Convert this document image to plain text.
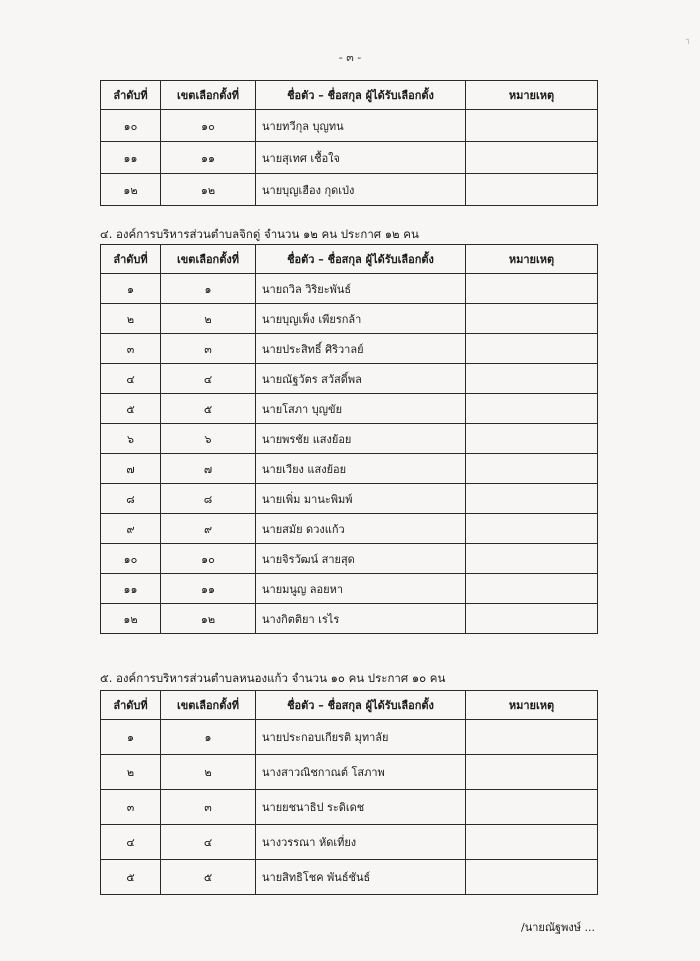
- ๓ -
┐
ลำดับที่	เขตเลือกตั้งที่	ชื่อตัว – ชื่อสกุล ผู้ได้รับเลือกตั้ง	หมายเหตุ
๑๐	๑๐	นายทวีกุล บุญทน	
๑๑	๑๑	นายสุเทศ เชื้อใจ	
๑๒	๑๒	นายบุญเฮือง กุดเป่ง	
๔. องค์การบริหารส่วนตำบลจิกดู่ จำนวน ๑๒ คน ประกาศ ๑๒ คน
ลำดับที่	เขตเลือกตั้งที่	ชื่อตัว – ชื่อสกุล ผู้ได้รับเลือกตั้ง	หมายเหตุ
๑	๑	นายถวิล วิริยะพันธ์	
๒	๒	นายบุญเพ็ง เพียรกล้า	
๓	๓	นายประสิทธิ์ ศิริวาลย์	
๔	๔	นายณัฐวัตร สวัสดิ์พล	
๕	๕	นายโสภา บุญขัย	
๖	๖	นายพรชัย แสงย้อย	
๗	๗	นายเวียง แสงย้อย	
๘	๘	นายเพิ่ม มานะพิมพ์	
๙	๙	นายสมัย ดวงแก้ว	
๑๐	๑๐	นายจิรวัฒน์ สายสุด	
๑๑	๑๑	นายมนูญ ลอยหา	
๑๒	๑๒	นางกิตติยา เรไร	
๕. องค์การบริหารส่วนตำบลหนองแก้ว จำนวน ๑๐ คน ประกาศ ๑๐ คน
ลำดับที่	เขตเลือกตั้งที่	ชื่อตัว – ชื่อสกุล ผู้ได้รับเลือกตั้ง	หมายเหตุ
๑	๑	นายประกอบเกียรติ มุทาลัย	
๒	๒	นางสาวณิชกาณต์ โสภาพ	
๓	๓	นายยชนาธิป ระดิเดช	
๔	๔	นางวรรณา หัดเที่ยง	
๕	๕	นายสิทธิโชค พันธ์ชันธ์	
/นายณัฐพงษ์ ...
